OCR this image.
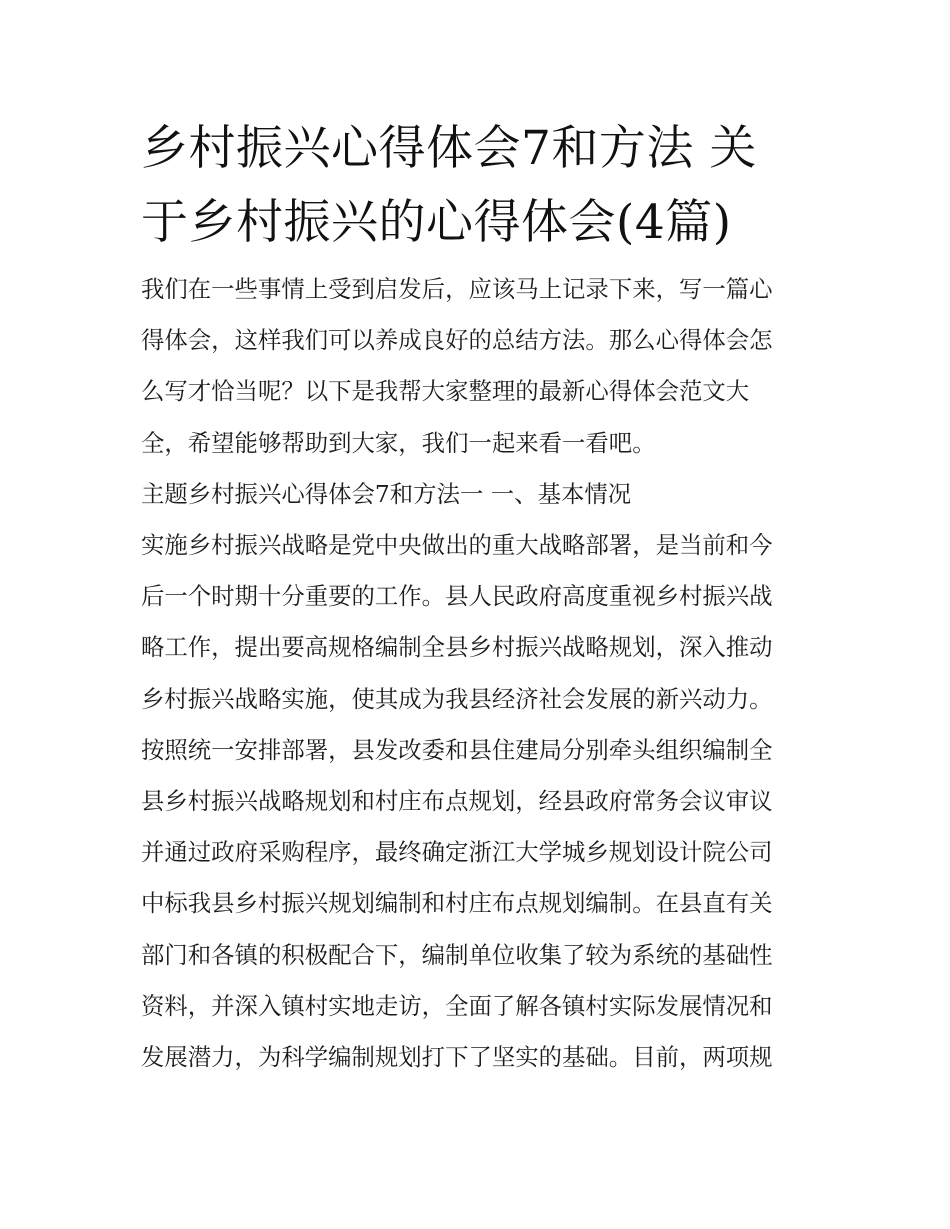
乡村振兴心得体会7和方法 关
于乡村振兴的心得体会(4篇)
我们在一些事情上受到启发后，应该马上记录下来，写一篇心
得体会，这样我们可以养成良好的总结方法。那么心得体会怎
么写才恰当呢？以下是我帮大家整理的最新心得体会范文大
全，希望能够帮助到大家，我们一起来看一看吧。
主题乡村振兴心得体会7和方法一 一、基本情况
实施乡村振兴战略是党中央做出的重大战略部署，是当前和今
后一个时期十分重要的工作。县人民政府高度重视乡村振兴战
略工作，提出要高规格编制全县乡村振兴战略规划，深入推动
乡村振兴战略实施，使其成为我县经济社会发展的新兴动力。
按照统一安排部署，县发改委和县住建局分别牵头组织编制全
县乡村振兴战略规划和村庄布点规划，经县政府常务会议审议
并通过政府采购程序，最终确定浙江大学城乡规划设计院公司
中标我县乡村振兴规划编制和村庄布点规划编制。在县直有关
部门和各镇的积极配合下，编制单位收集了较为系统的基础性
资料，并深入镇村实地走访，全面了解各镇村实际发展情况和
发展潜力，为科学编制规划打下了坚实的基础。目前，两项规
